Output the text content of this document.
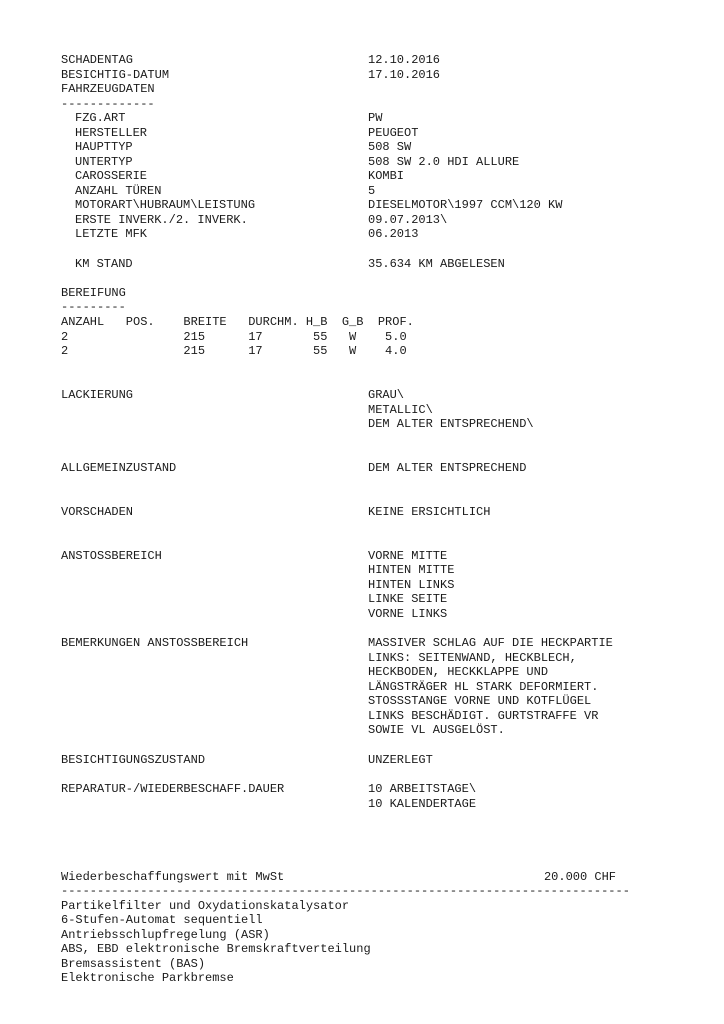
SCHADENTAG	12.10.2016
BESICHTIG-DATUM	17.10.2016
FAHRZEUGDATEN
-------------
FZG.ART	PW
HERSTELLER	PEUGEOT
HAUPTTYP	508 SW
UNTERTYP	508 SW 2.0 HDI ALLURE
CAROSSERIE	KOMBI
ANZAHL TÜREN	5
MOTORART\HUBRAUM\LEISTUNG	DIESELMOTOR\1997 CCM\120 KW
ERSTE INVERK./2. INVERK.	09.07.2013\
LETZTE MFK	06.2013
KM STAND	35.634 KM ABGELESEN
BEREIFUNG
---------
ANZAHL   POS.    BREITE   DURCHM. H_B  G_B  PROF.
2                215      17       55   W    5.0
2                215      17       55   W    4.0
LACKIERUNG	GRAU\
METALLIC\
DEM ALTER ENTSPRECHEND\
ALLGEMEINZUSTAND	DEM ALTER ENTSPRECHEND
VORSCHADEN	KEINE ERSICHTLICH
ANSTOSSBEREICH	VORNE MITTE
HINTEN MITTE
HINTEN LINKS
LINKE SEITE
VORNE LINKS
BEMERKUNGEN ANSTOSSBEREICH	MASSIVER SCHLAG AUF DIE HECKPARTIE
LINKS: SEITENWAND, HECKBLECH,
HECKBODEN, HECKKLAPPE UND
LÄNGSTRÄGER HL STARK DEFORMIERT.
STOSSSTANGE VORNE UND KOTFLÜGEL
LINKS BESCHÄDIGT. GURTSTRAFFE VR
SOWIE VL AUSGELÖST.
BESICHTIGUNGSZUSTAND	UNZERLEGT
REPARATUR-/WIEDERBESCHAFF.DAUER	10 ARBEITSTAGE\
10 KALENDERTAGE
Wiederbeschaffungswert mit MwSt	20.000 CHF
-------------------------------------------------------------------------------
Partikelfilter und Oxydationskatalysator
6-Stufen-Automat sequentiell
Antriebsschlupfregelung (ASR)
ABS, EBD elektronische Bremskraftverteilung
Bremsassistent (BAS)
Elektronische Parkbremse
